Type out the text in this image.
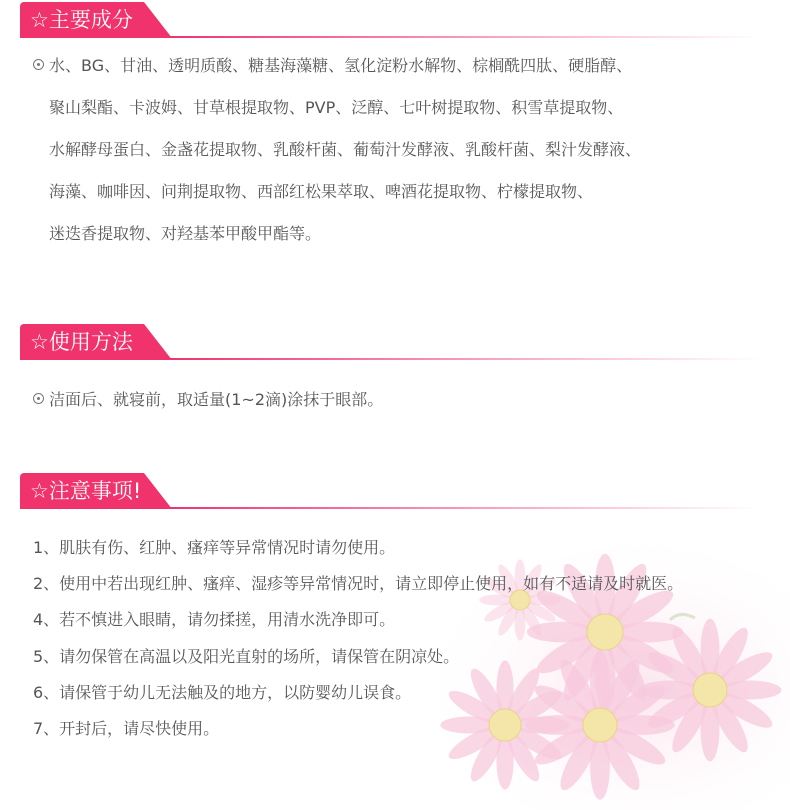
☆主要成分
水、BG、甘油、透明质酸、糖基海藻糖、氢化淀粉水解物、棕榈酰四肽、硬脂醇、
聚山梨酯、卡波姆、甘草根提取物、PVP、泛醇、七叶树提取物、积雪草提取物、
水解酵母蛋白、金盏花提取物、乳酸杆菌、葡萄汁发酵液、乳酸杆菌、梨汁发酵液、
海藻、咖啡因、问荆提取物、西部红松果萃取、啤酒花提取物、柠檬提取物、
迷迭香提取物、对羟基苯甲酸甲酯等。
☆使用方法
洁面后、就寝前，取适量(1~2滴)涂抹于眼部。
☆注意事项!
1、肌肤有伤、红肿、瘙痒等异常情况时请勿使用。
2、使用中若出现红肿、瘙痒、湿疹等异常情况时，请立即停止使用，如有不适请及时就医。
4、若不慎进入眼睛，请勿揉搓，用清水洗净即可。
5、请勿保管在高温以及阳光直射的场所，请保管在阴凉处。
6、请保管于幼儿无法触及的地方，以防婴幼儿误食。
7、开封后，请尽快使用。
